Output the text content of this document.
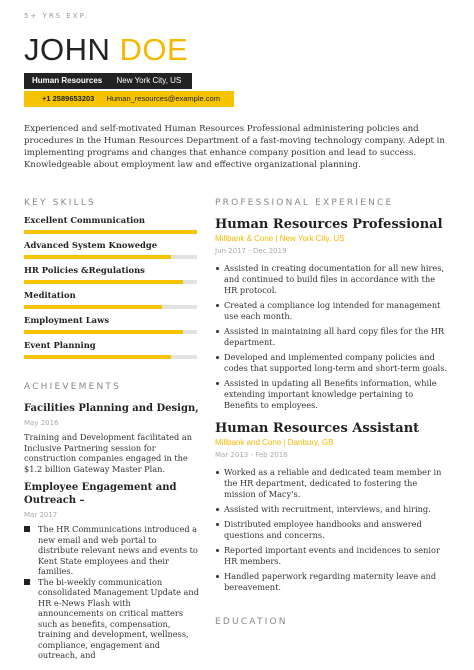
5+ YRS EXP.
JOHN DOE
Human Resources New York City, US
+1 2589653203 Human_resources@example.com
Experienced and self-motivated Human Resources Professional administering policies and procedures in the Human Resources Department of a fast-moving technology company. Adept in implementing programs and changes that enhance company position and lead to success. Knowledgeable about employment law and effective organizational planning.
KEY SKILLS
Excellent Communication
Advanced System Knowedge
HR Policies &Regulations
Meditation
Employment Laws
Event Planning
ACHIEVEMENTS
Facilities Planning and Design,
May 2016
Training and Development facilitated an Inclusive Partnering session for construction companies engaged in the $1.2 billion Gateway Master Plan.
Employee Engagement and Outreach –
Mar 2017
The HR Communications introduced a new email and web portal to distribute relevant news and events to Kent State employees and their families.
The bi-weekly communication consolidated Management Update and HR e-News Flash with announcements on critical matters such as benefits, compensation, training and development, wellness, compliance, engagement and outreach, and
PROFESSIONAL EXPERIENCE
Human Resources Professional
Millbank & Cone | New York City, US
Jun 2017 - Dec 2019
Assisted in creating documentation for all new hires, and continued to build files in accordance with the HR protocol.
Created a compliance log intended for management use each month.
Assisted in maintaining all hard copy files for the HR department.
Developed and implemented company policies and codes that supported long-term and short-term goals.
Assisted in updating all Benefits information, while extending important knowledge pertaining to Benefits to employees.
Human Resources Assistant
Millbank and Cone | Danbury, GB
Mar 2013 - Feb 2016
Worked as a reliable and dedicated team member in the HR department, dedicated to fostering the mission of Macy's.
Assisted with recruitment, interviews, and hiring.
Distributed employee handbooks and answered questions and concerns.
Reported important events and incidences to senior HR members.
Handled paperwork regarding maternity leave and bereavement.
EDUCATION
